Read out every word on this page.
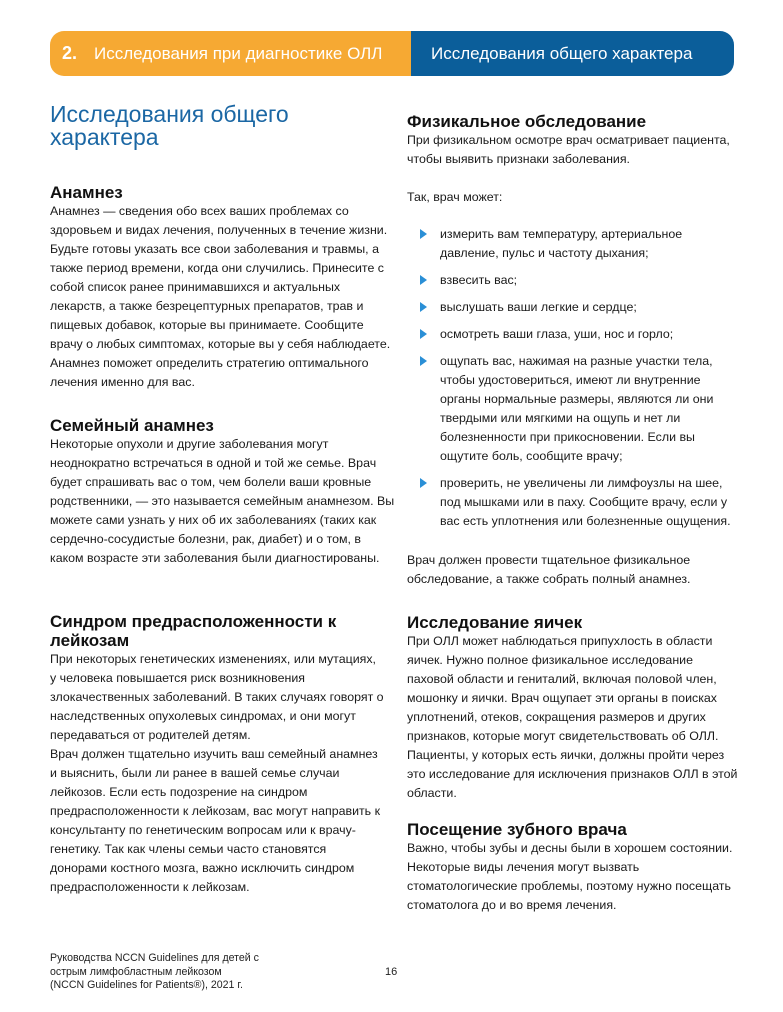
2. Исследования при диагностике ОЛЛ	Исследования общего характера
Исследования общего характера
Анамнез

Анамнез — сведения обо всех ваших проблемах со здоровьем и видах лечения, полученных в течение жизни. Будьте готовы указать все свои заболевания и травмы, а также период времени, когда они случились. Принесите с собой список ранее принимавшихся и актуальных лекарств, а также безрецептурных препаратов, трав и пищевых добавок, которые вы принимаете. Сообщите врачу о любых симптомах, которые вы у себя наблюдаете. Анамнез поможет определить стратегию оптимального лечения именно для вас.

Семейный анамнез

Некоторые опухоли и другие заболевания могут неоднократно встречаться в одной и той же семье. Врач будет спрашивать вас о том, чем болели ваши кровные родственники, — это называется семейным анамнезом. Вы можете сами узнать у них об их заболеваниях (таких как сердечно-сосудистые болезни, рак, диабет) и о том, в каком возрасте эти заболевания были диагностированы.

Синдром предрасположенности к лейкозам

При некоторых генетических изменениях, или мутациях, у человека повышается риск возникновения злокачественных заболеваний. В таких случаях говорят о наследственных опухолевых синдромах, и они могут передаваться от родителей детям.

Врач должен тщательно изучить ваш семейный анамнез и выяснить, были ли ранее в вашей семье случаи лейкозов. Если есть подозрение на синдром предрасположенности к лейкозам, вас могут направить к консультанту по генетическим вопросам или к врачу-генетику. Так как члены семьи часто становятся донорами костного мозга, важно исключить синдром предрасположенности к лейкозам.

Физикальное обследование

При физикальном осмотре врач осматривает пациента, чтобы выявить признаки заболевания.

Так, врач может:

измерить вам температуру, артериальное давление, пульс и частоту дыхания;
взвесить вас;
выслушать ваши легкие и сердце;
осмотреть ваши глаза, уши, нос и горло;
ощупать вас, нажимая на разные участки тела, чтобы удостовериться, имеют ли внутренние органы нормальные размеры, являются ли они твердыми или мягкими на ощупь и нет ли болезненности при прикосновении. Если вы ощутите боль, сообщите врачу;
проверить, не увеличены ли лимфоузлы на шее, под мышками или в паху. Сообщите врачу, если у вас есть уплотнения или болезненные ощущения.

Врач должен провести тщательное физикальное обследование, а также собрать полный анамнез.

Исследование яичек

При ОЛЛ может наблюдаться припухлость в области яичек. Нужно полное физикальное исследование паховой области и гениталий, включая половой член, мошонку и яички. Врач ощупает эти органы в поисках уплотнений, отеков, сокращения размеров и других признаков, которые могут свидетельствовать об ОЛЛ. Пациенты, у которых есть яички, должны пройти через это исследование для исключения признаков ОЛЛ в этой области.

Посещение зубного врача

Важно, чтобы зубы и десны были в хорошем состоянии. Некоторые виды лечения могут вызвать стоматологические проблемы, поэтому нужно посещать стоматолога до и во время лечения.

Руководства NCCN Guidelines для детей с
острым лимфобластным лейкозом
(NCCN Guidelines for Patients®), 2021 г.
16
